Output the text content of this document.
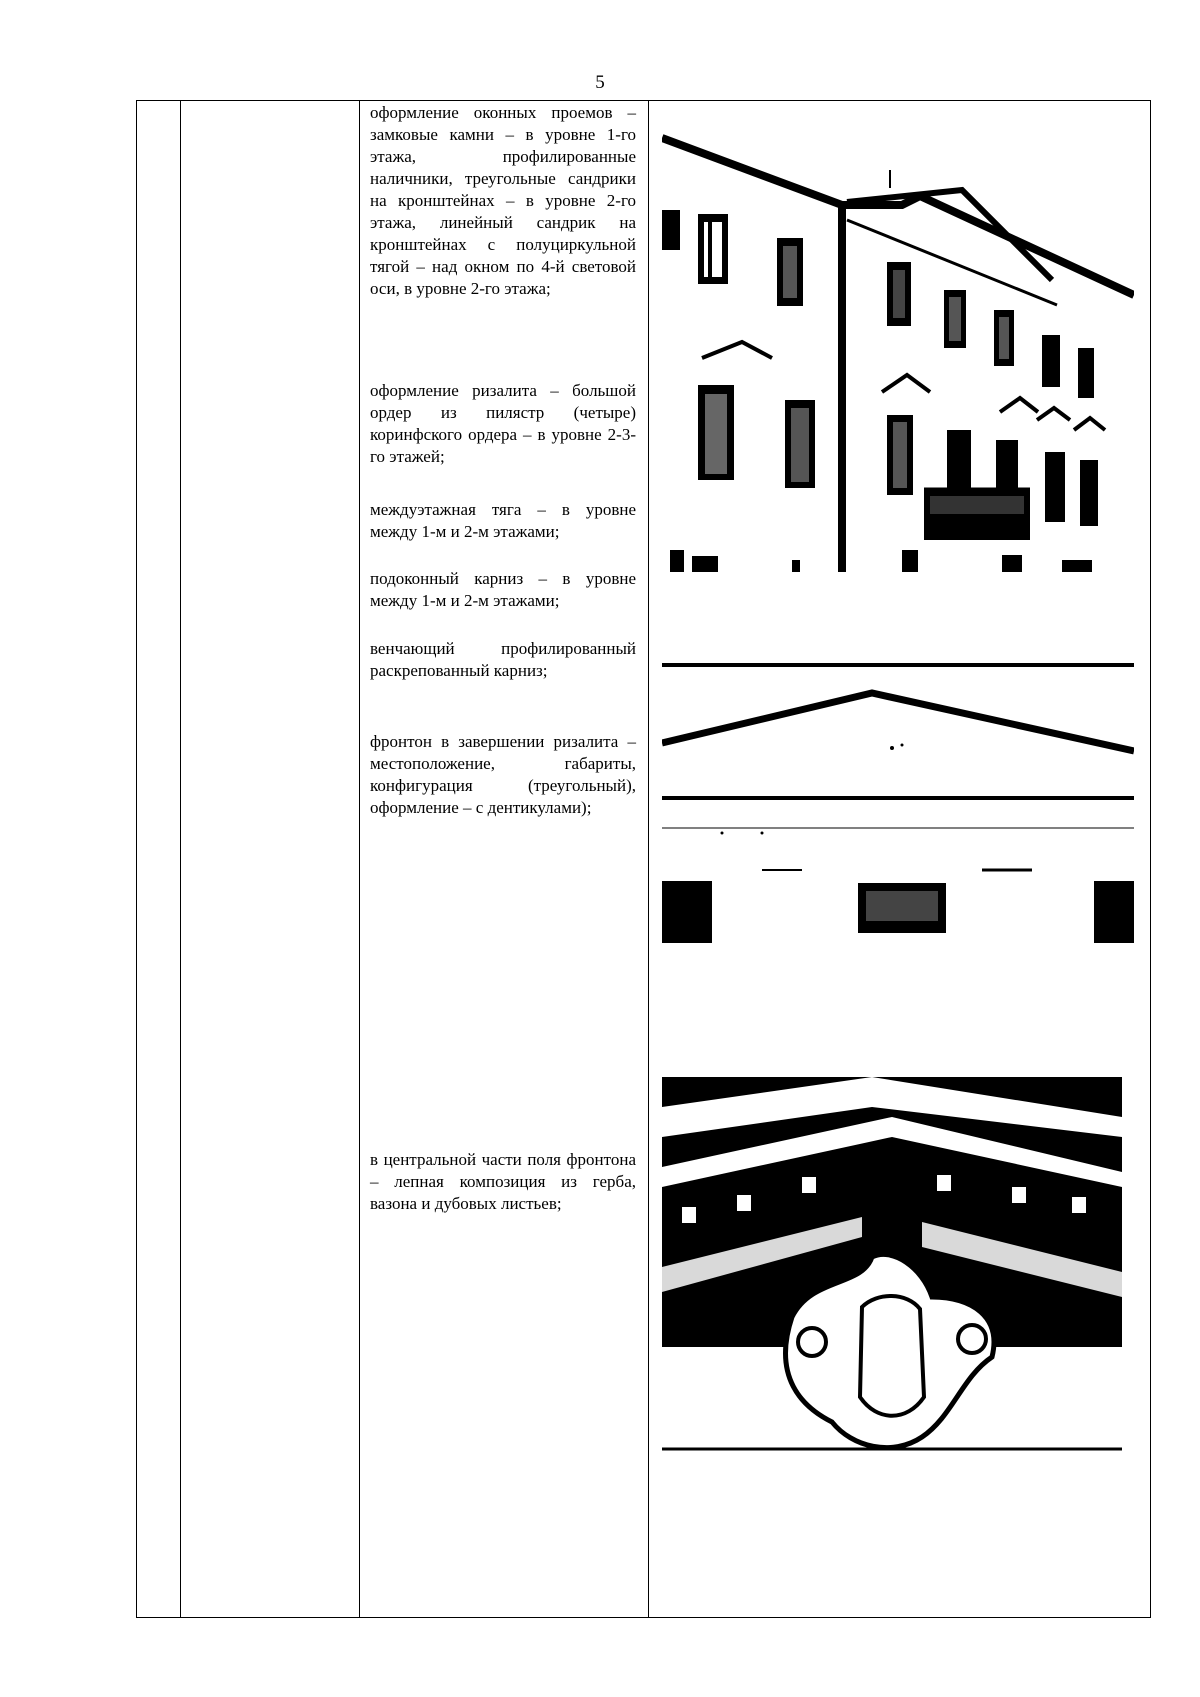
5

оформление оконных проемов – замковые камни – в уровне 1-го этажа, профилированные наличники, треугольные сандрики на кронштейнах – в уровне 2-го этажа, линейный сандрик на кронштейнах с полуциркульной тягой – над окном по 4-й световой оси, в уровне 2-го этажа;

оформление ризалита – большой ордер из пилястр (четыре) коринфского ордера – в уровне 2-3-го этажей;

междуэтажная тяга – в уровне между 1-м и 2-м этажами;

подоконный карниз – в уровне между 1-м и 2-м этажами;

венчающий профилированный раскрепованный карниз;

фронтон в завершении ризалита – местоположение, габариты, конфигурация (треугольный), оформление – с дентикулами);

в центральной части поля фронтона – лепная композиция из герба, вазона и дубовых листьев;
